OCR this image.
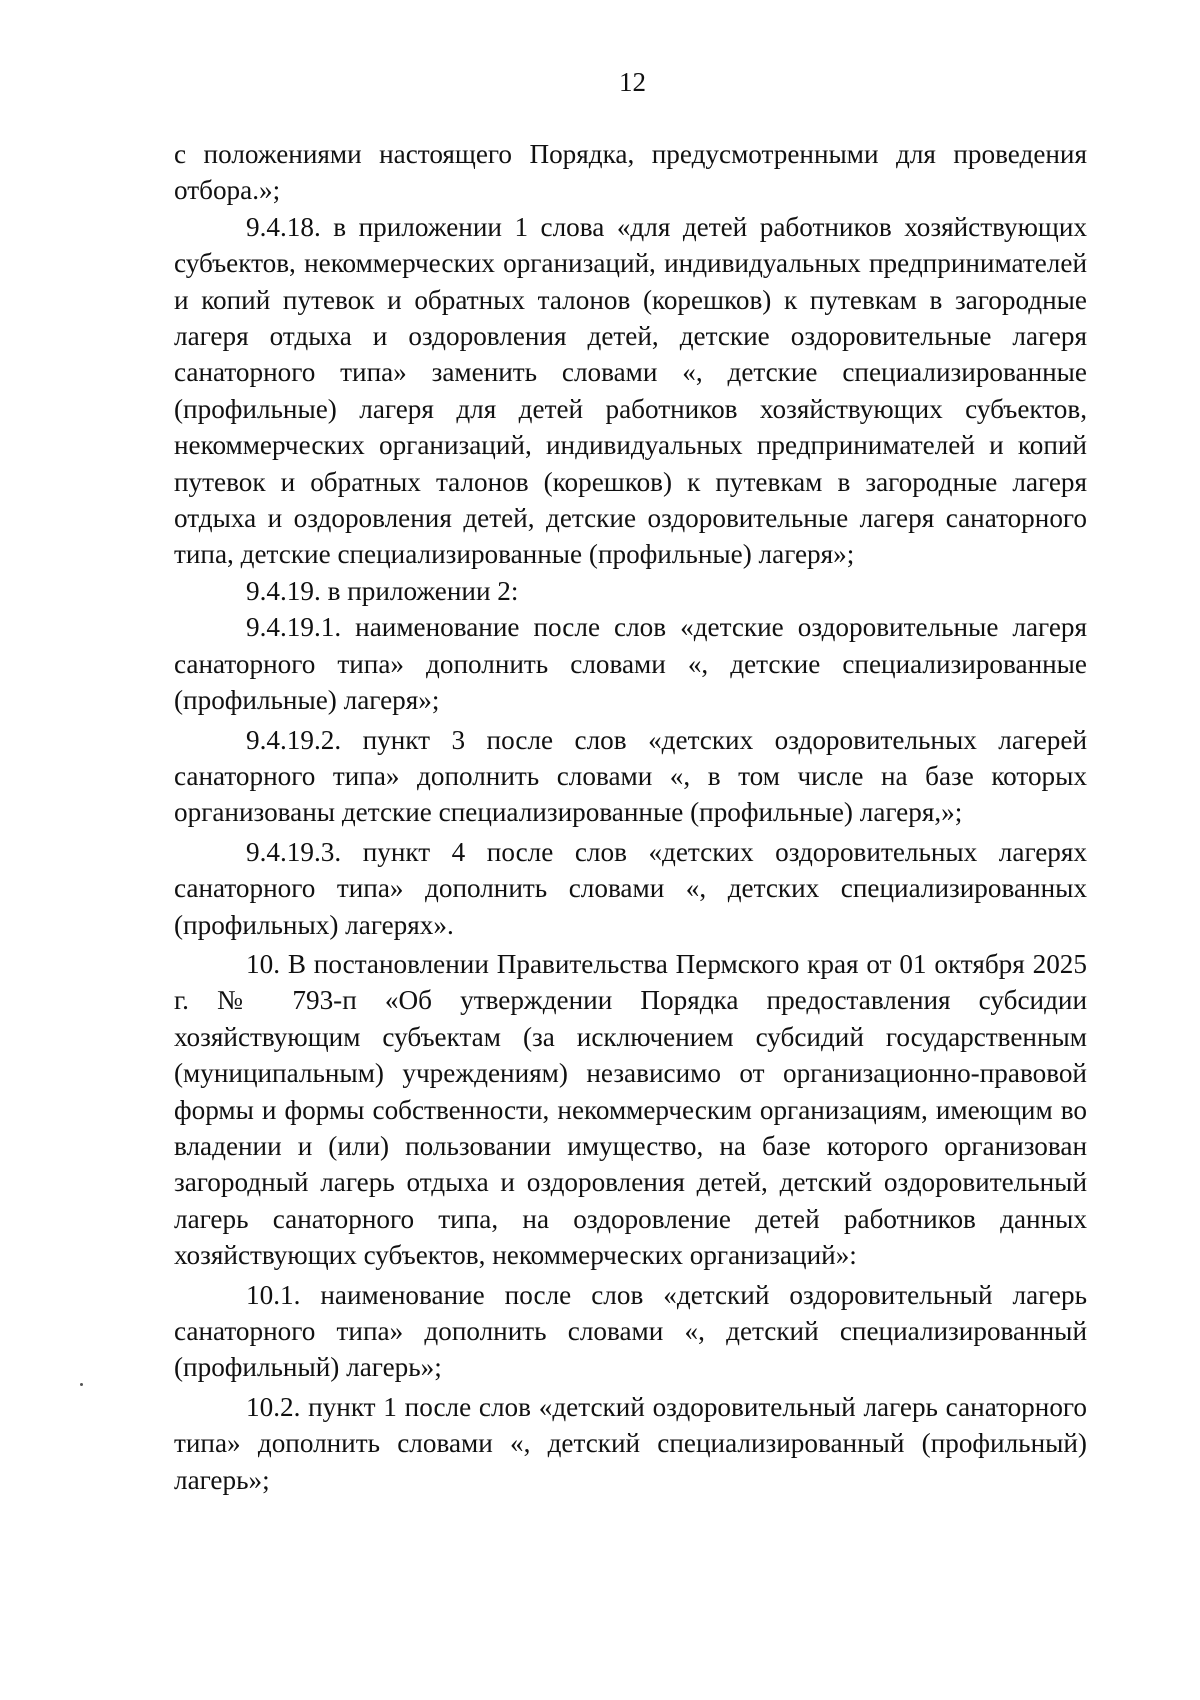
12

с положениями настоящего Порядка, предусмотренными для проведения отбора.»;

9.4.18. в приложении 1 слова «для детей работников хозяйствующих субъектов, некоммерческих организаций, индивидуальных предпринимателей и копий путевок и обратных талонов (корешков) к путевкам в загородные лагеря отдыха и оздоровления детей, детские оздоровительные лагеря санаторного типа» заменить словами «, детские специализированные (профильные) лагеря для детей работников хозяйствующих субъектов, некоммерческих организаций, индивидуальных предпринимателей и копий путевок и обратных талонов (корешков) к путевкам в загородные лагеря отдыха и оздоровления детей, детские оздоровительные лагеря санаторного типа, детские специализированные (профильные) лагеря»;

9.4.19. в приложении 2:

9.4.19.1. наименование после слов «детские оздоровительные лагеря санаторного типа» дополнить словами «, детские специализированные (профильные) лагеря»;

9.4.19.2. пункт 3 после слов «детских оздоровительных лагерей санаторного типа» дополнить словами «, в том числе на базе которых организованы детские специализированные (профильные) лагеря,»;

9.4.19.3. пункт 4 после слов «детских оздоровительных лагерях санаторного типа» дополнить словами «, детских специализированных (профильных) лагерях».

10. В постановлении Правительства Пермского края от 01 октября 2025 г. № 793-п «Об утверждении Порядка предоставления субсидии хозяйствующим субъектам (за исключением субсидий государственным (муниципальным) учреждениям) независимо от организационно-правовой формы и формы собственности, некоммерческим организациям, имеющим во владении и (или) пользовании имущество, на базе которого организован загородный лагерь отдыха и оздоровления детей, детский оздоровительный лагерь санаторного типа, на оздоровление детей работников данных хозяйствующих субъектов, некоммерческих организаций»:

10.1. наименование после слов «детский оздоровительный лагерь санаторного типа» дополнить словами «, детский специализированный (профильный) лагерь»;

10.2. пункт 1 после слов «детский оздоровительный лагерь санаторного типа» дополнить словами «, детский специализированный (профильный) лагерь»;
